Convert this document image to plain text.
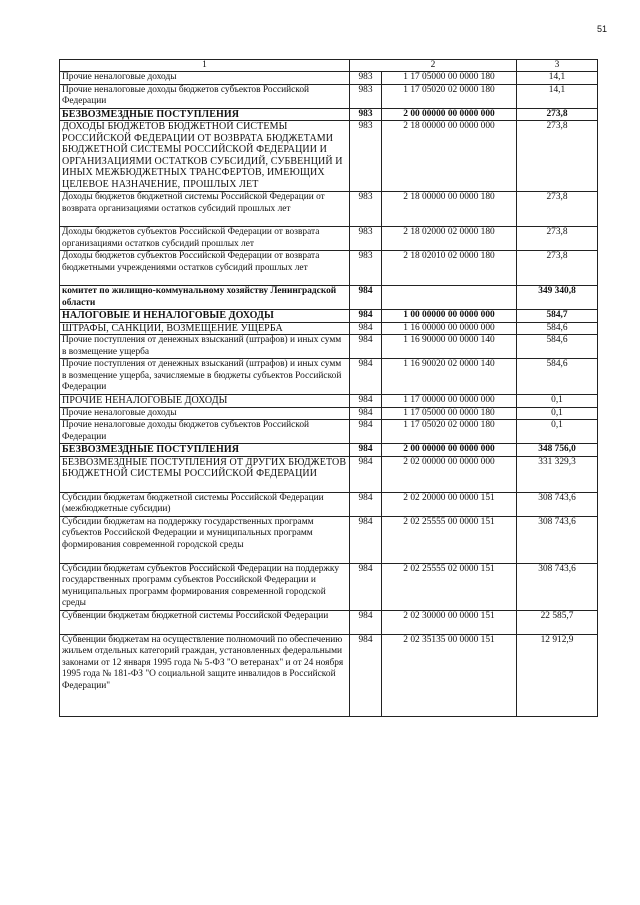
51
1	2		3
Прочие неналоговые доходы	983	1 17 05000 00 0000 180	14,1
Прочие неналоговые доходы бюджетов субъектов Российской Федерации	983	1 17 05020 02 0000 180	14,1
БЕЗВОЗМЕЗДНЫЕ ПОСТУПЛЕНИЯ	983	2 00 00000 00 0000 000	273,8
ДОХОДЫ БЮДЖЕТОВ БЮДЖЕТНОЙ СИСТЕМЫ РОССИЙСКОЙ ФЕДЕРАЦИИ ОТ ВОЗВРАТА БЮДЖЕТАМИ БЮДЖЕТНОЙ СИСТЕМЫ РОССИЙСКОЙ ФЕДЕРАЦИИ И ОРГАНИЗАЦИЯМИ ОСТАТКОВ СУБСИДИЙ, СУБВЕНЦИЙ И ИНЫХ МЕЖБЮДЖЕТНЫХ ТРАНСФЕРТОВ, ИМЕЮЩИХ ЦЕЛЕВОЕ НАЗНАЧЕНИЕ, ПРОШЛЫХ ЛЕТ	983	2 18 00000 00 0000 000	273,8
Доходы бюджетов бюджетной системы Российской Федерации от возврата организациями остатков субсидий прошлых лет	983	2 18 00000 00 0000 180	273,8
Доходы бюджетов субъектов Российской Федерации от возврата организациями остатков субсидий прошлых лет	983	2 18 02000 02 0000 180	273,8
Доходы бюджетов субъектов Российской Федерации от возврата бюджетными учреждениями остатков субсидий прошлых лет	983	2 18 02010 02 0000 180	273,8
комитет по жилищно-коммунальному хозяйству Ленинградской области	984		349 340,8
НАЛОГОВЫЕ И НЕНАЛОГОВЫЕ ДОХОДЫ	984	1 00 00000 00 0000 000	584,7
ШТРАФЫ, САНКЦИИ, ВОЗМЕЩЕНИЕ УЩЕРБА	984	1 16 00000 00 0000 000	584,6
Прочие поступления от денежных взысканий (штрафов) и иных сумм в возмещение ущерба	984	1 16 90000 00 0000 140	584,6
Прочие поступления от денежных взысканий (штрафов) и иных сумм в возмещение ущерба, зачисляемые в бюджеты субъектов Российской Федерации	984	1 16 90020 02 0000 140	584,6
ПРОЧИЕ НЕНАЛОГОВЫЕ ДОХОДЫ	984	1 17 00000 00 0000 000	0,1
Прочие неналоговые доходы	984	1 17 05000 00 0000 180	0,1
Прочие неналоговые доходы бюджетов субъектов Российской Федерации	984	1 17 05020 02 0000 180	0,1
БЕЗВОЗМЕЗДНЫЕ ПОСТУПЛЕНИЯ	984	2 00 00000 00 0000 000	348 756,0
БЕЗВОЗМЕЗДНЫЕ ПОСТУПЛЕНИЯ ОТ ДРУГИХ БЮДЖЕТОВ БЮДЖЕТНОЙ СИСТЕМЫ РОССИЙСКОЙ ФЕДЕРАЦИИ	984	2 02 00000 00 0000 000	331 329,3
Субсидии бюджетам бюджетной системы Российской Федерации (межбюджетные субсидии)	984	2 02 20000 00 0000 151	308 743,6
Субсидии бюджетам на поддержку государственных программ субъектов Российской Федерации и муниципальных программ формирования современной городской среды	984	2 02 25555 00 0000 151	308 743,6
Субсидии бюджетам субъектов Российской Федерации на поддержку государственных программ субъектов Российской Федерации и муниципальных программ формирования современной городской среды	984	2 02 25555 02 0000 151	308 743,6
Субвенции бюджетам бюджетной системы Российской Федерации	984	2 02 30000 00 0000 151	22 585,7
Субвенции бюджетам на осуществление полномочий по обеспечению жильем отдельных категорий граждан, установленных федеральными законами от 12 января 1995 года № 5-ФЗ "О ветеранах" и от 24 ноября 1995 года № 181-ФЗ "О социальной защите инвалидов в Российской Федерации"	984	2 02 35135 00 0000 151	12 912,9
